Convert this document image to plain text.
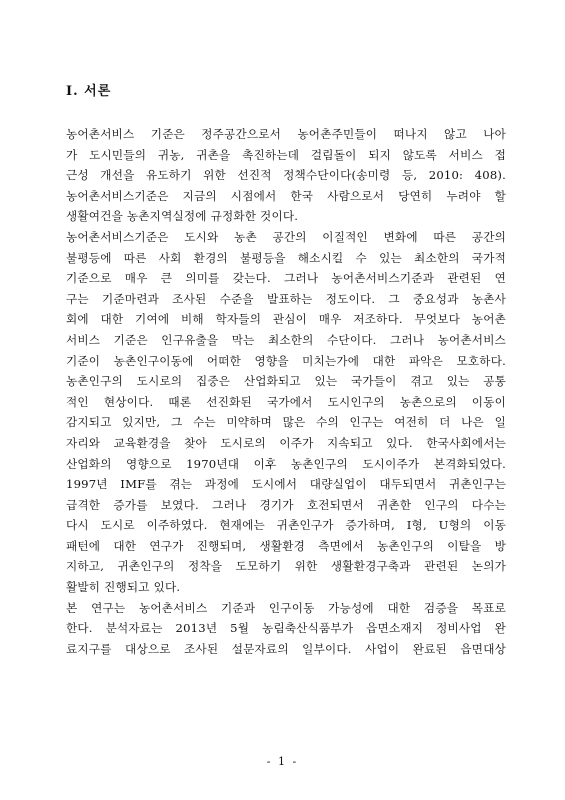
Ⅰ. 서론
농어촌서비스 기준은 정주공간으로서 농어촌주민들이 떠나지 않고 나아
가 도시민들의 귀농, 귀촌을 촉진하는데 걸림돌이 되지 않도록 서비스 접
근성 개선을 유도하기 위한 선진적 정책수단이다(송미령 등, 2010: 408).
농어촌서비스기준은 지금의 시점에서 한국 사람으로서 당연히 누려야 할
생활여건을 농촌지역실정에 규정화한 것이다.
농어촌서비스기준은 도시와 농촌 공간의 이질적인 변화에 따른 공간의
불평등에 따른 사회 환경의 불평등을 해소시킬 수 있는 최소한의 국가적
기준으로 매우 큰 의미를 갖는다. 그러나 농어촌서비스기준과 관련된 연
구는 기준마련과 조사된 수준을 발표하는 정도이다. 그 중요성과 농촌사
회에 대한 기여에 비해 학자들의 관심이 매우 저조하다. 무엇보다 농어촌
서비스 기준은 인구유출을 막는 최소한의 수단이다. 그러나 농어촌서비스
기준이 농촌인구이동에 어떠한 영향을 미치는가에 대한 파악은 모호하다.
농촌인구의 도시로의 집중은 산업화되고 있는 국가들이 겪고 있는 공통
적인 현상이다. 때론 선진화된 국가에서 도시인구의 농촌으로의 이동이
감지되고 있지만, 그 수는 미약하며 많은 수의 인구는 여전히 더 나은 일
자리와 교육환경을 찾아 도시로의 이주가 지속되고 있다. 한국사회에서는
산업화의 영향으로 1970년대 이후 농촌인구의 도시이주가 본격화되었다.
1997년 IMF를 겪는 과정에 도시에서 대량실업이 대두되면서 귀촌인구는
급격한 증가를 보였다. 그러나 경기가 호전되면서 귀촌한 인구의 다수는
다시 도시로 이주하였다. 현재에는 귀촌인구가 증가하며, I형, U형의 이동
패턴에 대한 연구가 진행되며, 생활환경 측면에서 농촌인구의 이탈을 방
지하고, 귀촌인구의 정착을 도모하기 위한 생활환경구축과 관련된 논의가
활발히 진행되고 있다.
본 연구는 농어촌서비스 기준과 인구이동 가능성에 대한 검증을 목표로
한다. 분석자료는 2013년 5월 농림축산식품부가 읍면소재지 정비사업 완
료지구를 대상으로 조사된 설문자료의 일부이다. 사업이 완료된 읍면대상
- 1 -
